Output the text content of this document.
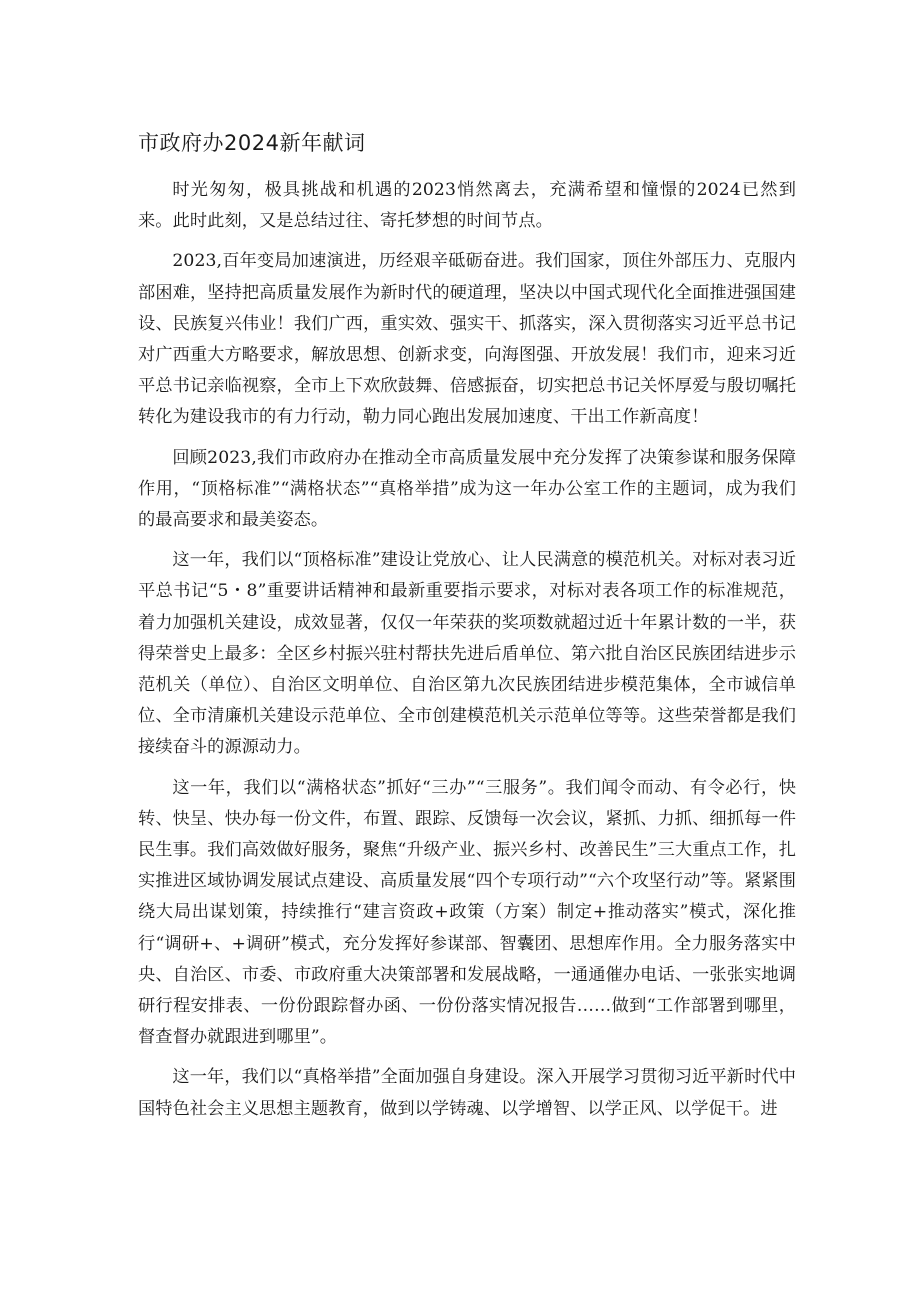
市政府办2024新年献词

时光匆匆，极具挑战和机遇的2023悄然离去，充满希望和憧憬的2024已然到来。此时此刻，又是总结过往、寄托梦想的时间节点。

2023,百年变局加速演进，历经艰辛砥砺奋进。我们国家，顶住外部压力、克服内部困难，坚持把高质量发展作为新时代的硬道理，坚决以中国式现代化全面推进强国建设、民族复兴伟业！我们广西，重实效、强实干、抓落实，深入贯彻落实习近平总书记对广西重大方略要求，解放思想、创新求变，向海图强、开放发展！我们市，迎来习近平总书记亲临视察，全市上下欢欣鼓舞、倍感振奋，切实把总书记关怀厚爱与殷切嘱托转化为建设我市的有力行动，勒力同心跑出发展加速度、干出工作新高度！

回顾2023,我们市政府办在推动全市高质量发展中充分发挥了决策参谋和服务保障作用，“顶格标准”“满格状态”“真格举措”成为这一年办公室工作的主题词，成为我们的最高要求和最美姿态。

这一年，我们以“顶格标准”建设让党放心、让人民满意的模范机关。对标对表习近平总书记“5・8”重要讲话精神和最新重要指示要求，对标对表各项工作的标准规范，着力加强机关建设，成效显著，仅仅一年荣获的奖项数就超过近十年累计数的一半，获得荣誉史上最多：全区乡村振兴驻村帮扶先进后盾单位、第六批自治区民族团结进步示范机关（单位）、自治区文明单位、自治区第九次民族团结进步模范集体，全市诚信单位、全市清廉机关建设示范单位、全市创建模范机关示范单位等等。这些荣誉都是我们接续奋斗的源源动力。

这一年，我们以“满格状态”抓好“三办”“三服务”。我们闻令而动、有令必行，快转、快呈、快办每一份文件，布置、跟踪、反馈每一次会议，紧抓、力抓、细抓每一件民生事。我们高效做好服务，聚焦“升级产业、振兴乡村、改善民生”三大重点工作，扎实推进区域协调发展试点建设、高质量发展“四个专项行动”“六个攻坚行动”等。紧紧围绕大局出谋划策，持续推行“建言资政+政策（方案）制定+推动落实”模式，深化推行“调研+、+调研”模式，充分发挥好参谋部、智囊团、思想库作用。全力服务落实中央、自治区、市委、市政府重大决策部署和发展战略，一通通催办电话、一张张实地调研行程安排表、一份份跟踪督办函、一份份落实情况报告……做到“工作部署到哪里，督查督办就跟进到哪里”。

这一年，我们以“真格举措”全面加强自身建设。深入开展学习贯彻习近平新时代中国特色社会主义思想主题教育，做到以学铸魂、以学增智、以学正风、以学促干。进
